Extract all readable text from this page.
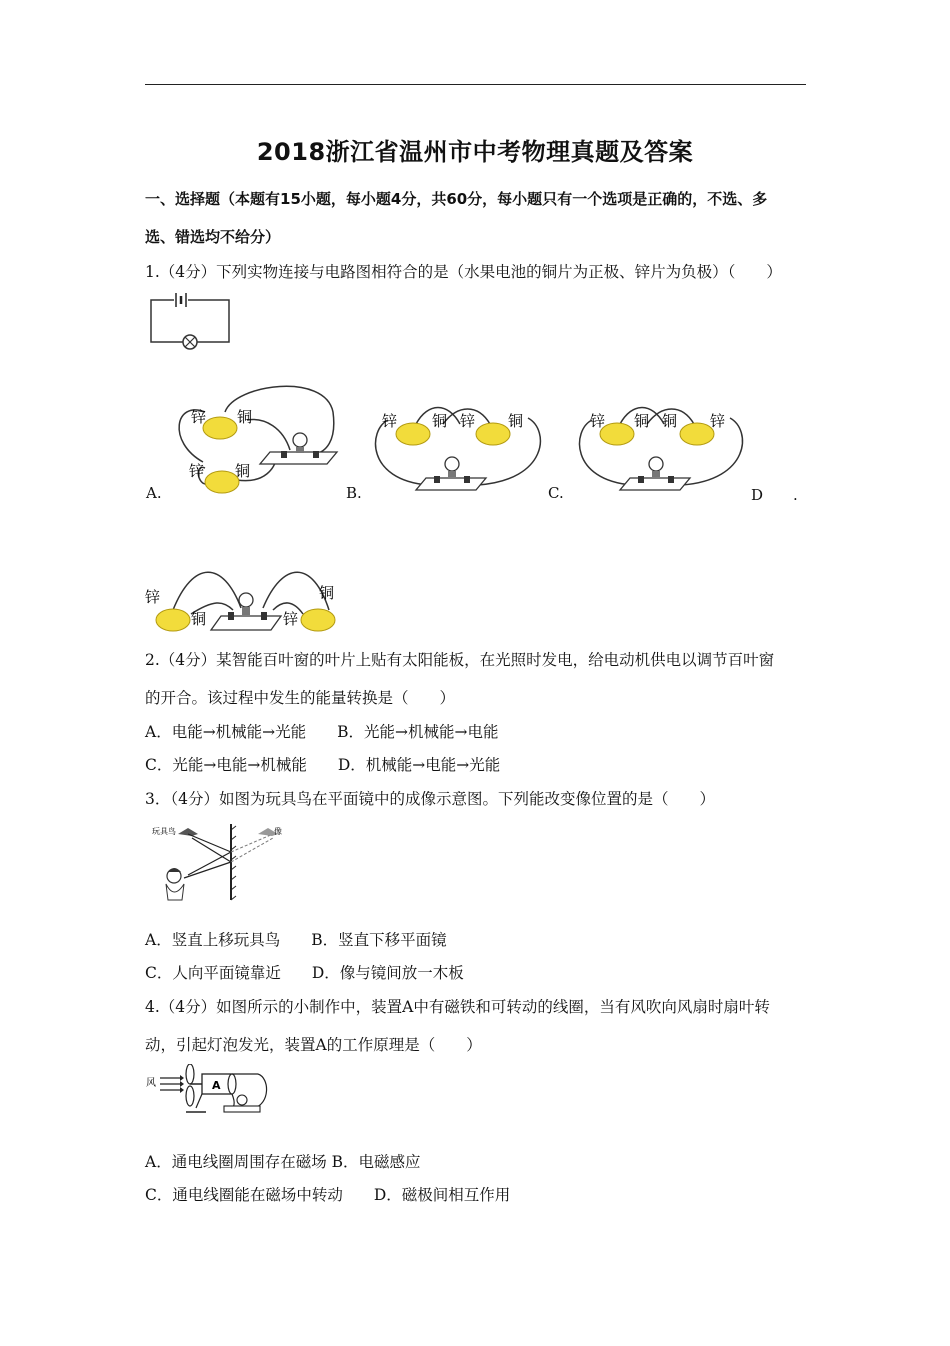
2018浙江省温州市中考物理真题及答案
一、选择题（本题有15小题，每小题4分，共60分，每小题只有一个选项是正确的，不选、多
选、错选均不给分）
1.（4分）下列实物连接与电路图相符合的是（水果电池的铜片为正极、锌片为负极）（　　）
锌 铜
锌 铜
A.
锌 铜 锌 铜
B.
锌 铜 铜 锌
C.	D　　.
锌
铜	锌
铜
2.（4分）某智能百叶窗的叶片上贴有太阳能板，在光照时发电，给电动机供电以调节百叶窗
的开合。该过程中发生的能量转换是（　　）
A．电能→机械能→光能　　B．光能→机械能→电能
C．光能→电能→机械能　　D．机械能→电能→光能
3．（4分）如图为玩具鸟在平面镜中的成像示意图。下列能改变像位置的是（　　）
玩具鸟	像
A．竖直上移玩具鸟　　B．竖直下移平面镜
C．人向平面镜靠近　　D．像与镜间放一木板
4.（4分）如图所示的小制作中，装置A中有磁铁和可转动的线圈，当有风吹向风扇时扇叶转
动，引起灯泡发光，装置A的工作原理是（　　）
风	A
A．通电线圈周围存在磁场 B．电磁感应
C．通电线圈能在磁场中转动　　D．磁极间相互作用
